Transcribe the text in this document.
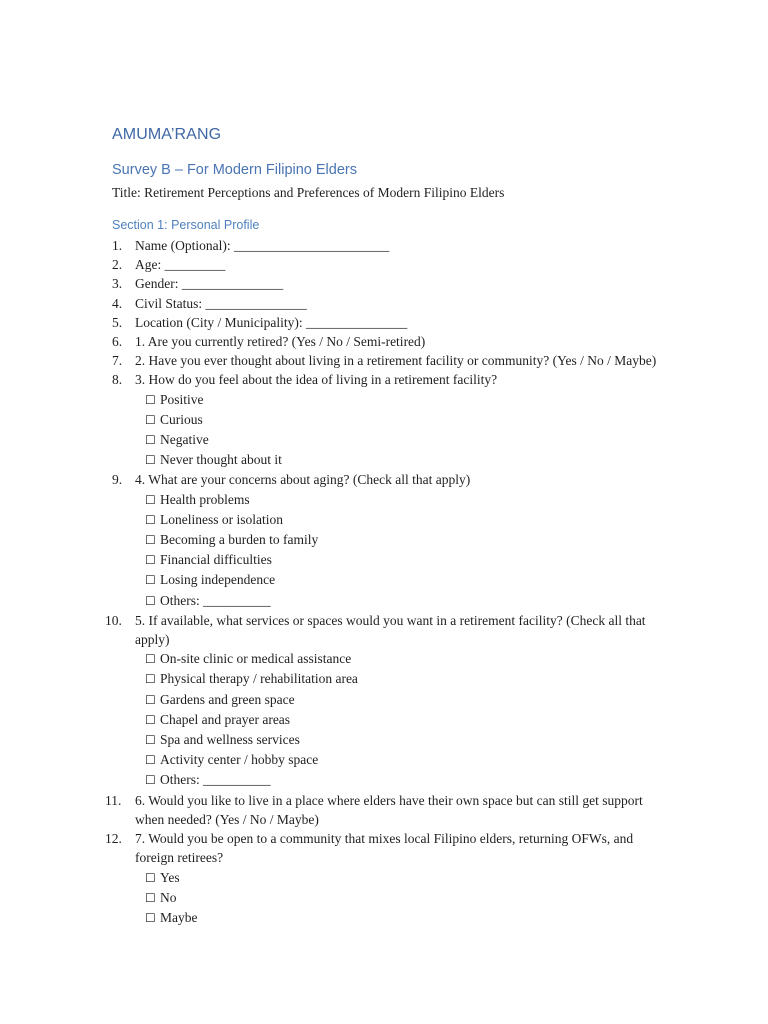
AMUMA’RANG
Survey B – For Modern Filipino Elders
Title: Retirement Perceptions and Preferences of Modern Filipino Elders
Section 1: Personal Profile
1. Name (Optional): _______________________
2. Age: _________
3. Gender: _______________
4. Civil Status: _______________
5. Location (City / Municipality): _______________
6. 1. Are you currently retired? (Yes / No / Semi-retired)
7. 2. Have you ever thought about living in a retirement facility or community? (Yes / No / Maybe)
8. 3. How do you feel about the idea of living in a retirement facility?
☐ Positive
☐ Curious
☐ Negative
☐ Never thought about it
9. 4. What are your concerns about aging? (Check all that apply)
☐ Health problems
☐ Loneliness or isolation
☐ Becoming a burden to family
☐ Financial difficulties
☐ Losing independence
☐ Others: __________
10. 5. If available, what services or spaces would you want in a retirement facility? (Check all that apply)
☐ On-site clinic or medical assistance
☐ Physical therapy / rehabilitation area
☐ Gardens and green space
☐ Chapel and prayer areas
☐ Spa and wellness services
☐ Activity center / hobby space
☐ Others: __________
11. 6. Would you like to live in a place where elders have their own space but can still get support when needed? (Yes / No / Maybe)
12. 7. Would you be open to a community that mixes local Filipino elders, returning OFWs, and foreign retirees?
☐ Yes
☐ No
☐ Maybe
